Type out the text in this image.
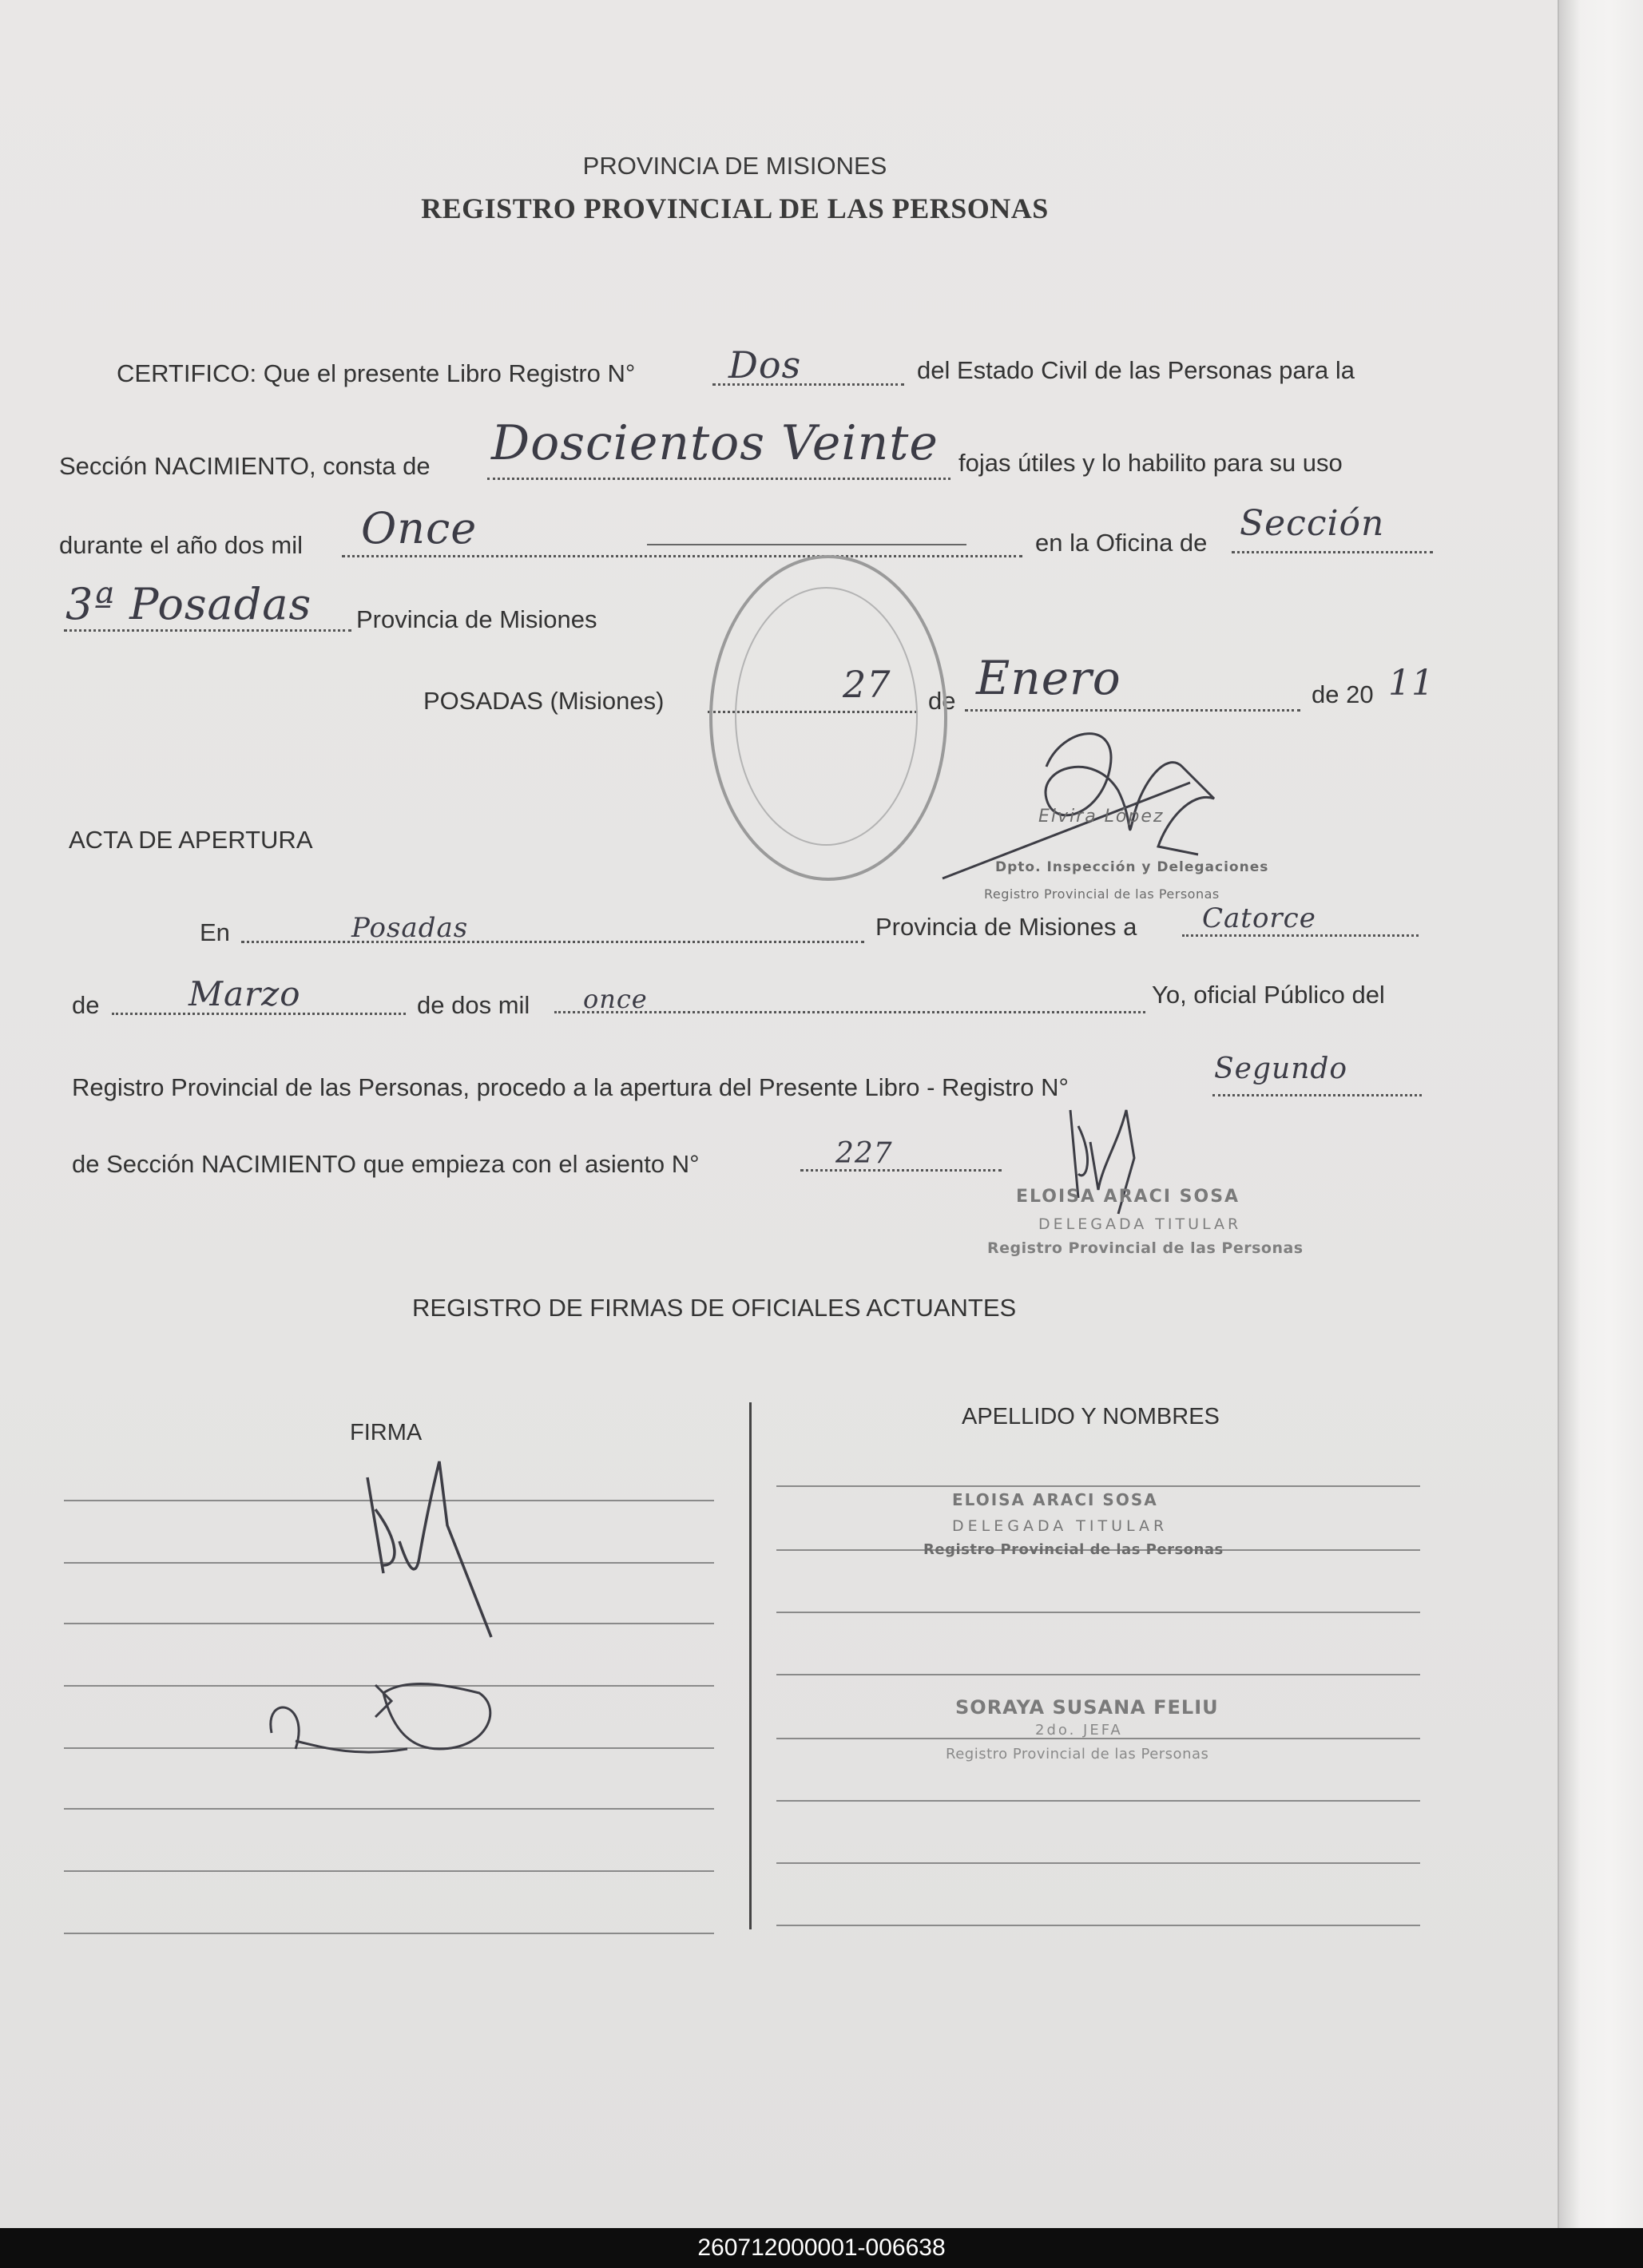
PROVINCIA DE MISIONES
REGISTRO PROVINCIAL DE LAS PERSONAS
CERTIFICO: Que el presente Libro Registro N°	Dos	del Estado Civil de las Personas para la
Sección NACIMIENTO, consta de Doscientos Veinte fojas útiles y lo habilito para su uso
durante el año dos mil Once	en la Oficina de Sección
3ª Posadas Provincia de Misiones
POSADAS (Misiones)	27 de Enero	de 20 11
Elvira López
Dpto. Inspección y Delegaciones
Registro Provincial de las Personas
ACTA DE APERTURA
En	Posadas	Provincia de Misiones a Catorce
de	Marzo	de dos mil once	Yo, oficial Público del
Registro Provincial de las Personas, procedo a la apertura del Presente Libro - Registro N°
Segundo
de Sección NACIMIENTO que empieza con el asiento N°	227
ELOISA ARACI SOSA
DELEGADA TITULAR
Registro Provincial de las Personas
REGISTRO DE FIRMAS DE OFICIALES ACTUANTES
FIRMA
APELLIDO Y NOMBRES
ELOISA ARACI SOSA
DELEGADA TITULAR
Registro Provincial de las Personas
SORAYA SUSANA FELIU
2do. JEFA
Registro Provincial de las Personas
260712000001-006638
